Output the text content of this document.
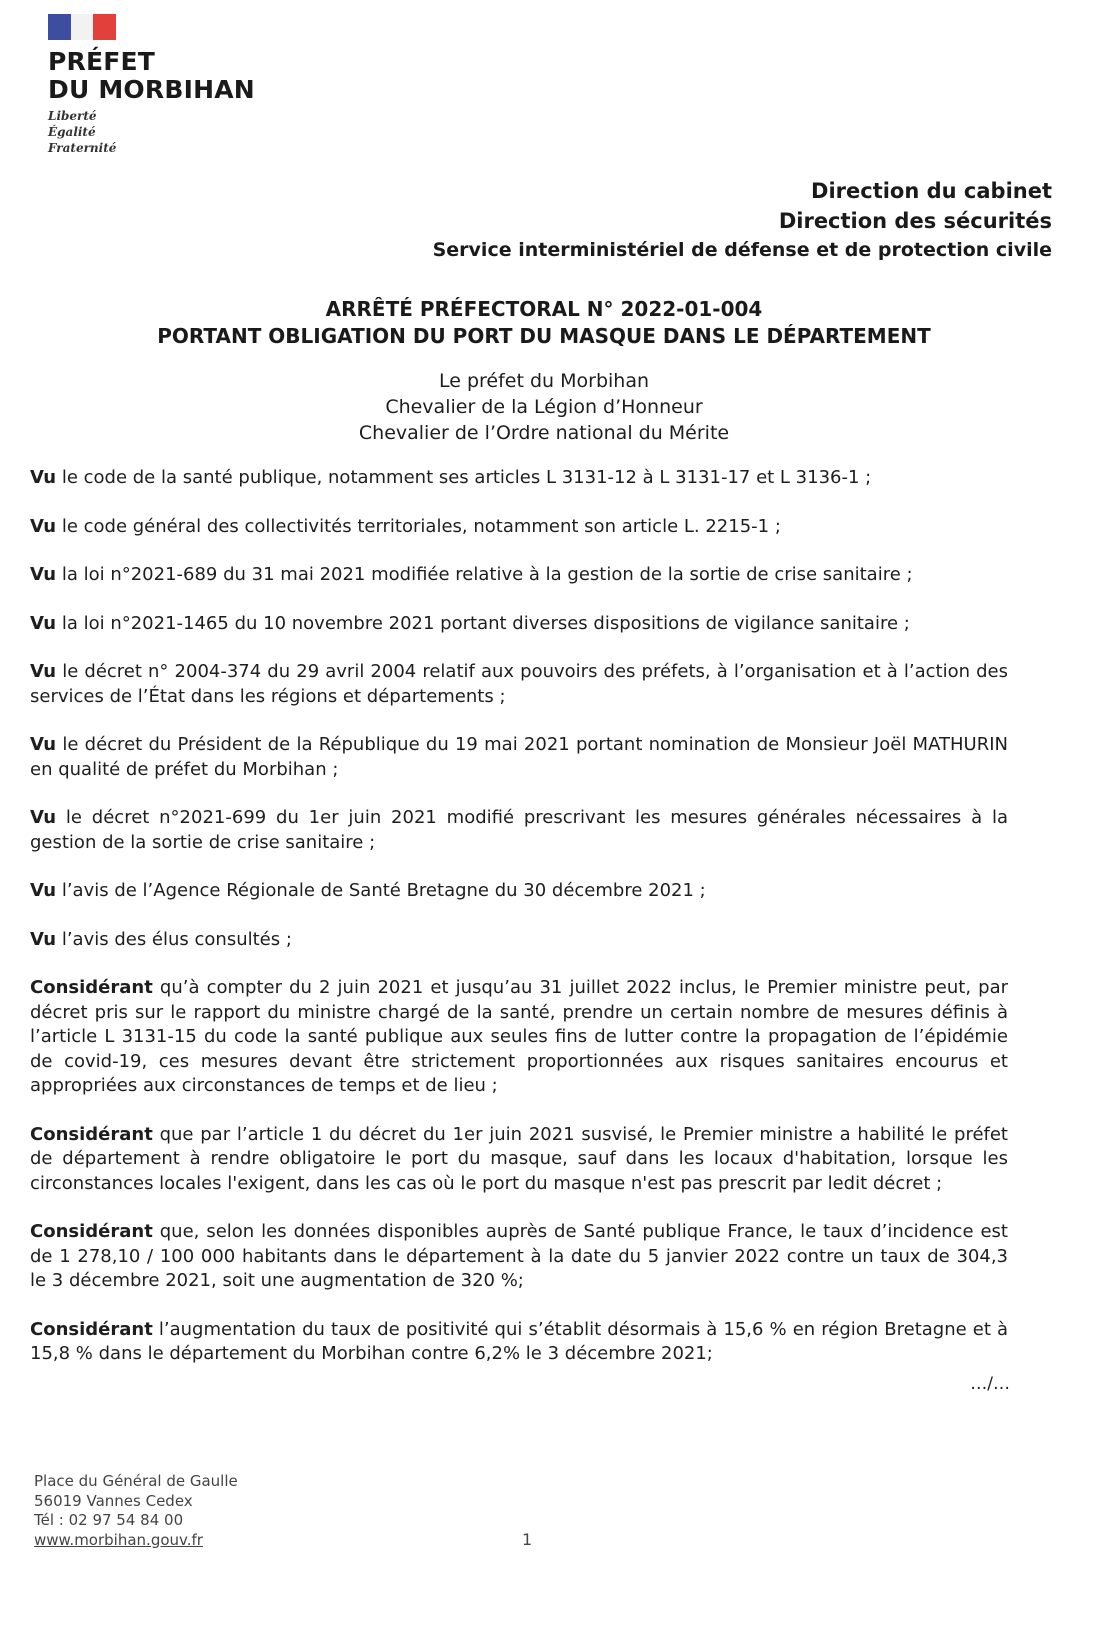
PRÉFET
DU MORBIHAN
Liberté
Égalité
Fraternité
Direction du cabinet
Direction des sécurités
Service interministériel de défense et de protection civile
ARRÊTÉ PRÉFECTORAL N° 2022-01-004
PORTANT OBLIGATION DU PORT DU MASQUE DANS LE DÉPARTEMENT
Le préfet du Morbihan
Chevalier de la Légion d’Honneur
Chevalier de l’Ordre national du Mérite

Vu le code de la santé publique, notamment ses articles L 3131-12 à L 3131-17 et L 3136-1 ;

Vu le code général des collectivités territoriales, notamment son article L. 2215-1 ;

Vu la loi n°2021-689 du 31 mai 2021 modifiée relative à la gestion de la sortie de crise sanitaire ;

Vu la loi n°2021-1465 du 10 novembre 2021 portant diverses dispositions de vigilance sanitaire ;

Vu le décret n° 2004-374 du 29 avril 2004 relatif aux pouvoirs des préfets, à l’organisation et à l’action des services de l’État dans les régions et départements ;

Vu le décret du Président de la République du 19 mai 2021 portant nomination de Monsieur Joël MATHURIN en qualité de préfet du Morbihan ;

Vu le décret n°2021-699 du 1er juin 2021 modifié prescrivant les mesures générales nécessaires à la gestion de la sortie de crise sanitaire ;

Vu l’avis de l’Agence Régionale de Santé Bretagne du 30 décembre 2021 ;

Vu l’avis des élus consultés ;

Considérant qu’à compter du 2 juin 2021 et jusqu’au 31 juillet 2022 inclus, le Premier ministre peut, par décret pris sur le rapport du ministre chargé de la santé, prendre un certain nombre de mesures définis à l’article L 3131-15 du code la santé publique aux seules fins de lutter contre la propagation de l’épidémie de covid-19, ces mesures devant être strictement proportionnées aux risques sanitaires encourus et appropriées aux circonstances de temps et de lieu ;

Considérant que par l’article 1 du décret du 1er juin 2021 susvisé, le Premier ministre a habilité le préfet de département à rendre obligatoire le port du masque, sauf dans les locaux d'habitation, lorsque les circonstances locales l'exigent, dans les cas où le port du masque n'est pas prescrit par ledit décret ;

Considérant que, selon les données disponibles auprès de Santé publique France, le taux d’incidence est de 1 278,10 / 100 000 habitants dans le département à la date du 5 janvier 2022 contre un taux de 304,3 le 3 décembre 2021, soit une augmentation de 320 %;

Considérant l’augmentation du taux de positivité qui s’établit désormais à 15,6 % en région Bretagne et à 15,8 % dans le département du Morbihan contre 6,2% le 3 décembre 2021;

…/…
Place du Général de Gaulle
56019 Vannes Cedex
Tél : 02 97 54 84 00
www.morbihan.gouv.fr	1
